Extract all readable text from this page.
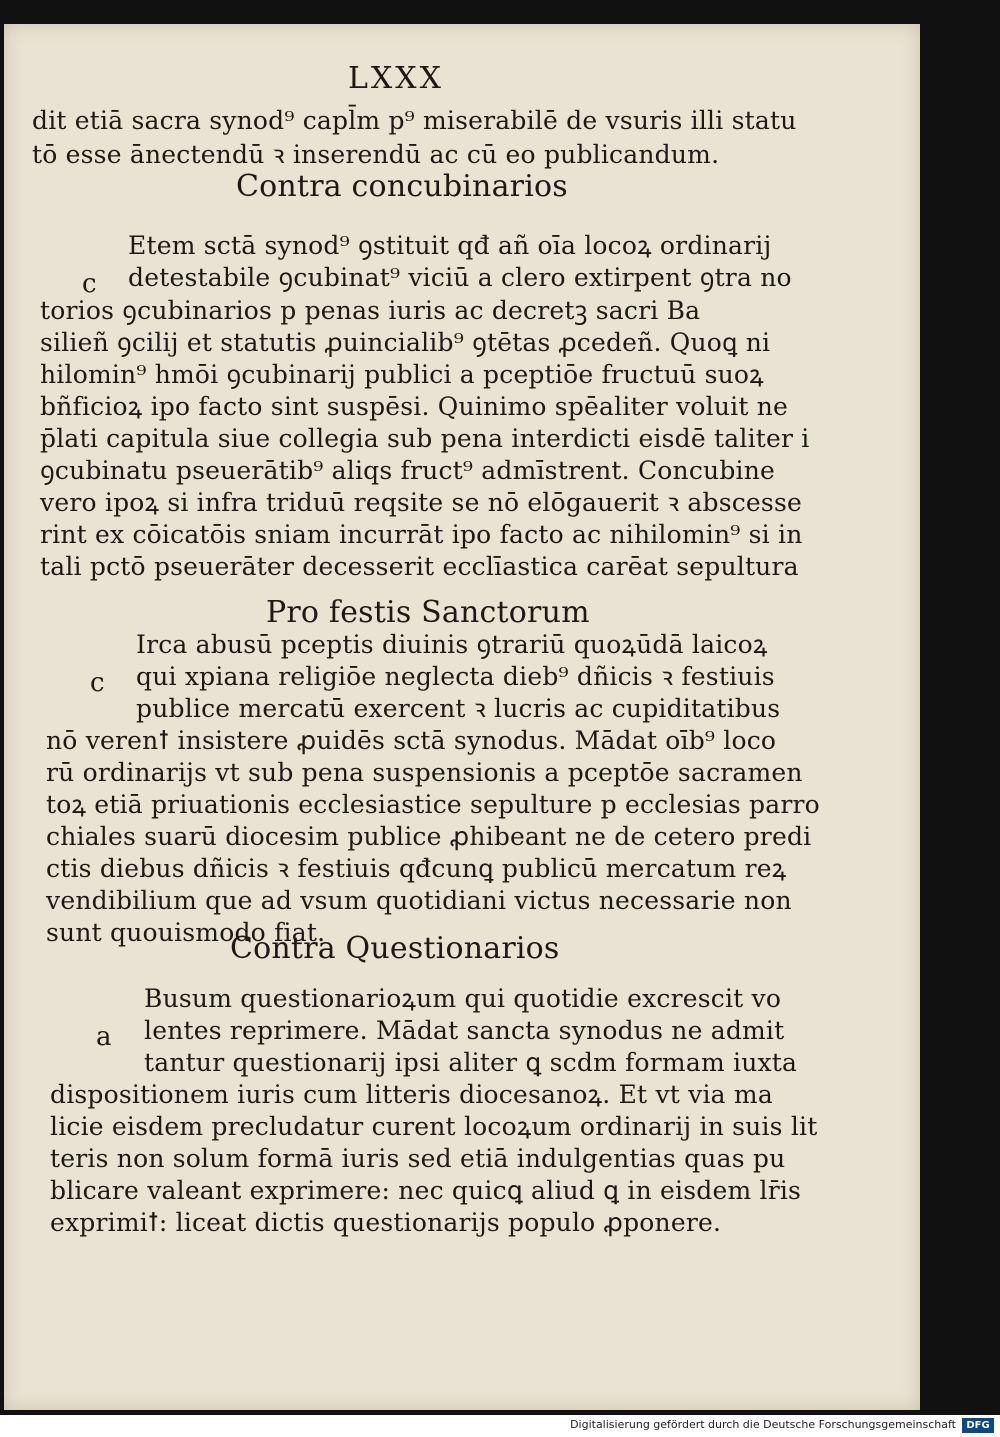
LXXX
dit etiā sacra synod⁹ capl̄m p⁹ miserabilē de vsuris illi statu
tō esse ānectendū ꝛ inserendū ac cū eo publicandum.
Contra concubinarios
Etem sctā synod⁹ ꝯstituit qđ añ oīa locoꝝ ordinarij
c detestabile ꝯcubinat⁹ viciū a clero extirpent ꝯtra no
torios ꝯcubinarios p penas iuris ac decretꝫ sacri Ba
silieñ ꝯcilij et statutis ꝓuincialib⁹ ꝯtētas ꝓcedeñ. Quoꝗ ni
hilomin⁹ hmōi ꝯcubinarij publici a pceptiōe fructuū suoꝝ
bñficioꝝ ipo facto sint suspēsi. Quinimo spēaliter voluit ne
p̄lati capitula siue collegia sub pena interdicti eisdē taliter i
ꝯcubinatu pseuerātib⁹ aliqs fruct⁹ admīstrent. Concubine
vero ipoꝝ si infra triduū reqsite se nō elōgauerit ꝛ abscesse
rint ex cōicatōis sniam incurrāt ipo facto ac nihilomin⁹ si in
tali pctō pseuerāter decesserit ecclīastica carēat sepultura
Pro festis Sanctorum
Irca abusū pceptis diuinis ꝯtrariū quoꝝūdā laicoꝝ
c qui xpiana religiōe neglecta dieb⁹ dñicis ꝛ festiuis
publice mercatū exercent ꝛ lucris ac cupiditatibus
nō verenꝉ insistere ꝓuidēs sctā synodus. Mādat oīb⁹ loco
rū ordinarijs vt sub pena suspensionis a pceptōe sacramen
toꝝ etiā priuationis ecclesiastice sepulture p ecclesias parro
chiales suarū diocesim publice ꝓhibeant ne de cetero predi
ctis diebus dñicis ꝛ festiuis qđcunꝗ publicū mercatum reꝝ
vendibilium que ad vsum quotidiani victus necessarie non
sunt quouismodo fiat.
Contra Questionarios
Busum questionarioꝝum qui quotidie excrescit vo
a lentes reprimere. Mādat sancta synodus ne admit
tantur questionarij ipsi aliter ꝗ scdm formam iuxta
dispositionem iuris cum litteris diocesanoꝝ. Et vt via ma
licie eisdem precludatur curent locoꝝum ordinarij in suis lit
teris non solum formā iuris sed etiā indulgentias quas pu
blicare valeant exprimere: nec quicꝗ aliud ꝗ in eisdem lr̄is
exprimiꝉ: liceat dictis questionarijs populo ꝓponere.
Digitalisierung gefördert durch die Deutsche Forschungsgemeinschaft	DFG
